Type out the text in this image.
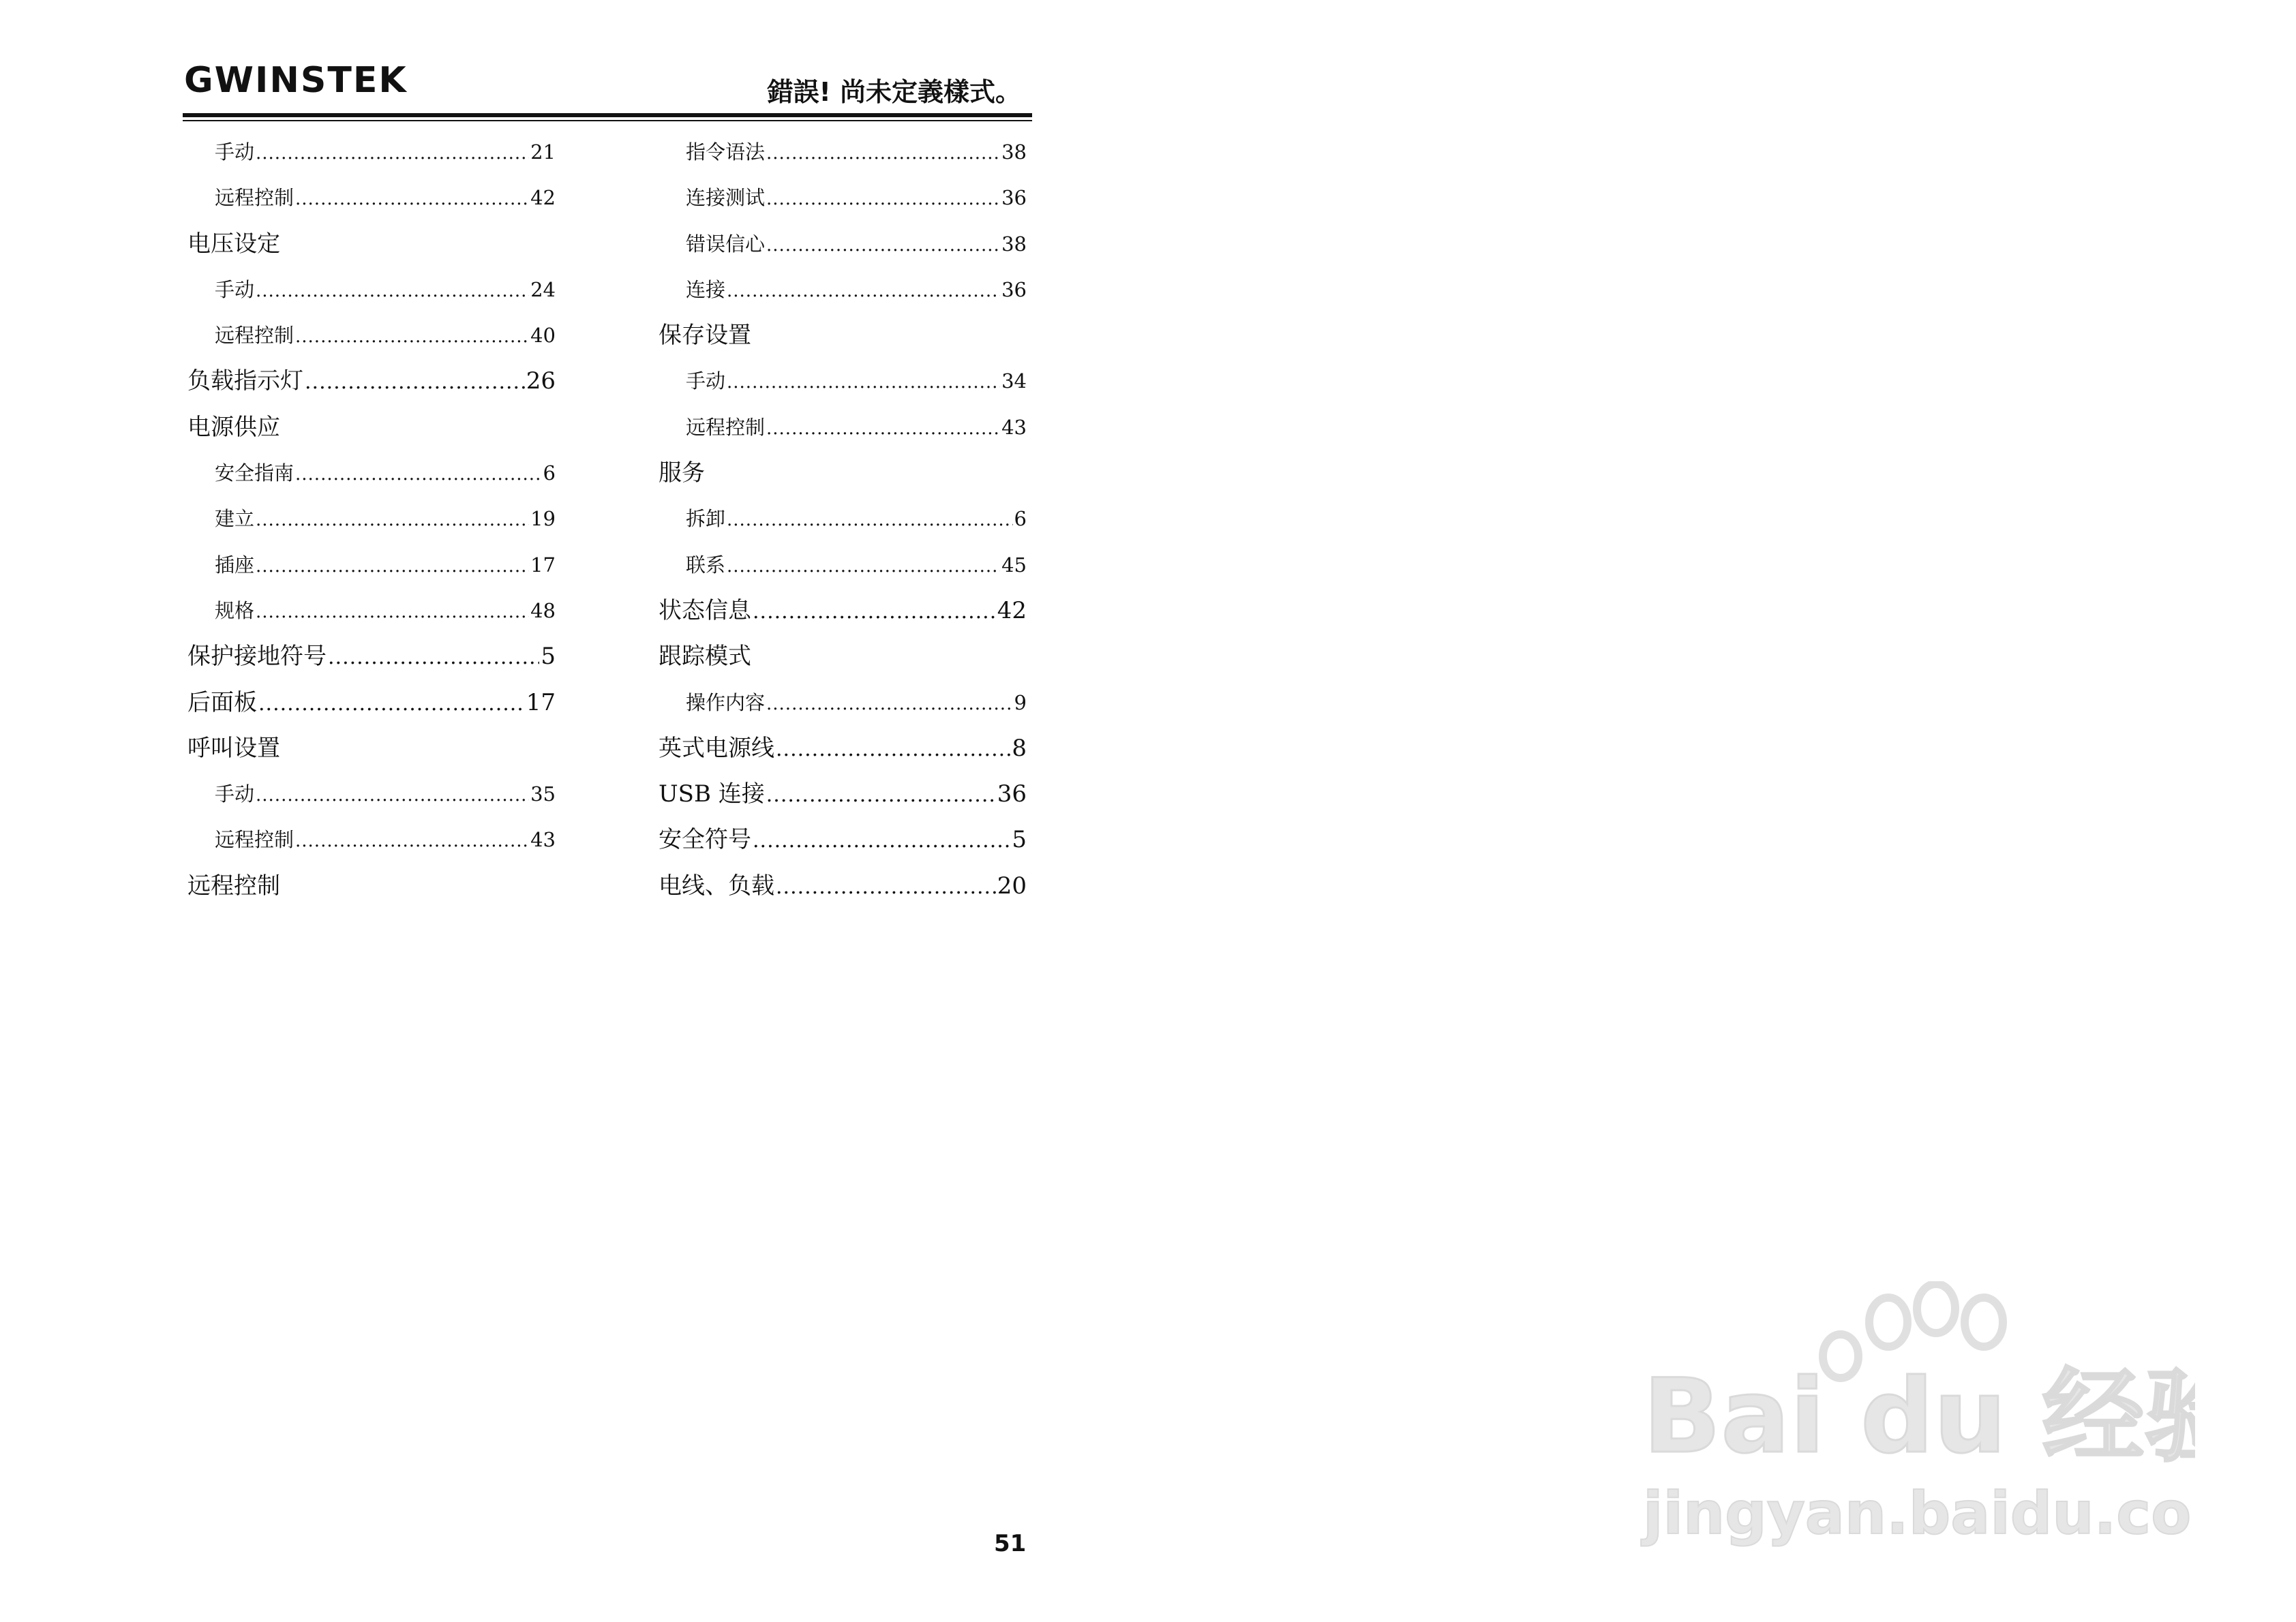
GWINSTEK	錯誤! 尚未定義樣式。
手动 .....	21
远程控制 .....	42
电压设定
手动 .....	24
远程控制 .....	40
负载指示灯 .....	26
电源供应
安全指南 .....	6
建立 .....	19
插座 .....	17
规格 .....	48
保护接地符号 .....	5
后面板 .....	17
呼叫设置
手动 .....	35
远程控制 .....	43
远程控制
指令语法 .....	38
连接测试 .....	36
错误信心 .....	38
连接 .....	36
保存设置
手动 .....	34
远程控制 .....	43
服务
拆卸 .....	6
联系 .....	45
状态信息 .....	42
跟踪模式
操作内容 .....	9
英式电源线 .....	8
USB 连接 .....	36
安全符号 .....	5
电线、负载 .....	20
51
Bai du 经验
jingyan.baidu.com
